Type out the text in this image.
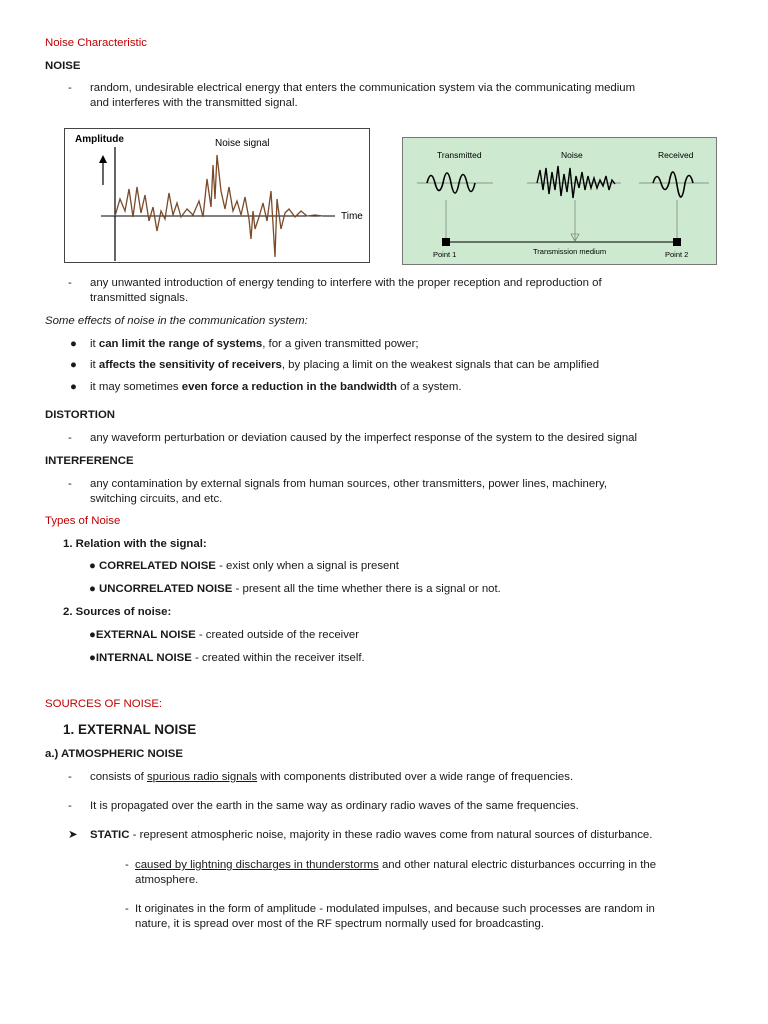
Noise Characteristic
NOISE
- random, undesirable electrical energy that enters the communication system via the communicating medium
and interferes with the transmitted signal.
Amplitude	Noise signal
Time
Transmitted	Noise	Received
Point 1	Transmission medium	Point 2
- any unwanted introduction of energy tending to interfere with the proper reception and reproduction of
transmitted signals.
Some effects of noise in the communication system:
● it can limit the range of systems, for a given transmitted power;
● it affects the sensitivity of receivers, by placing a limit on the weakest signals that can be amplified
● it may sometimes even force a reduction in the bandwidth of a system.
DISTORTION
- any waveform perturbation or deviation caused by the imperfect response of the system to the desired signal
INTERFERENCE
- any contamination by external signals from human sources, other transmitters, power lines, machinery,
switching circuits, and etc.
Types of Noise
1. Relation with the signal:
● CORRELATED NOISE - exist only when a signal is present
● UNCORRELATED NOISE - present all the time whether there is a signal or not.
2. Sources of noise:
●EXTERNAL NOISE - created outside of the receiver
●INTERNAL NOISE - created within the receiver itself.
SOURCES OF NOISE:
1. EXTERNAL NOISE
a.) ATMOSPHERIC NOISE
- consists of spurious radio signals with components distributed over a wide range of frequencies.
- It is propagated over the earth in the same way as ordinary radio waves of the same frequencies.
➤ STATIC - represent atmospheric noise, majority in these radio waves come from natural sources of disturbance.
- caused by lightning discharges in thunderstorms and other natural electric disturbances occurring in the
atmosphere.
- It originates in the form of amplitude - modulated impulses, and because such processes are random in
nature, it is spread over most of the RF spectrum normally used for broadcasting.
